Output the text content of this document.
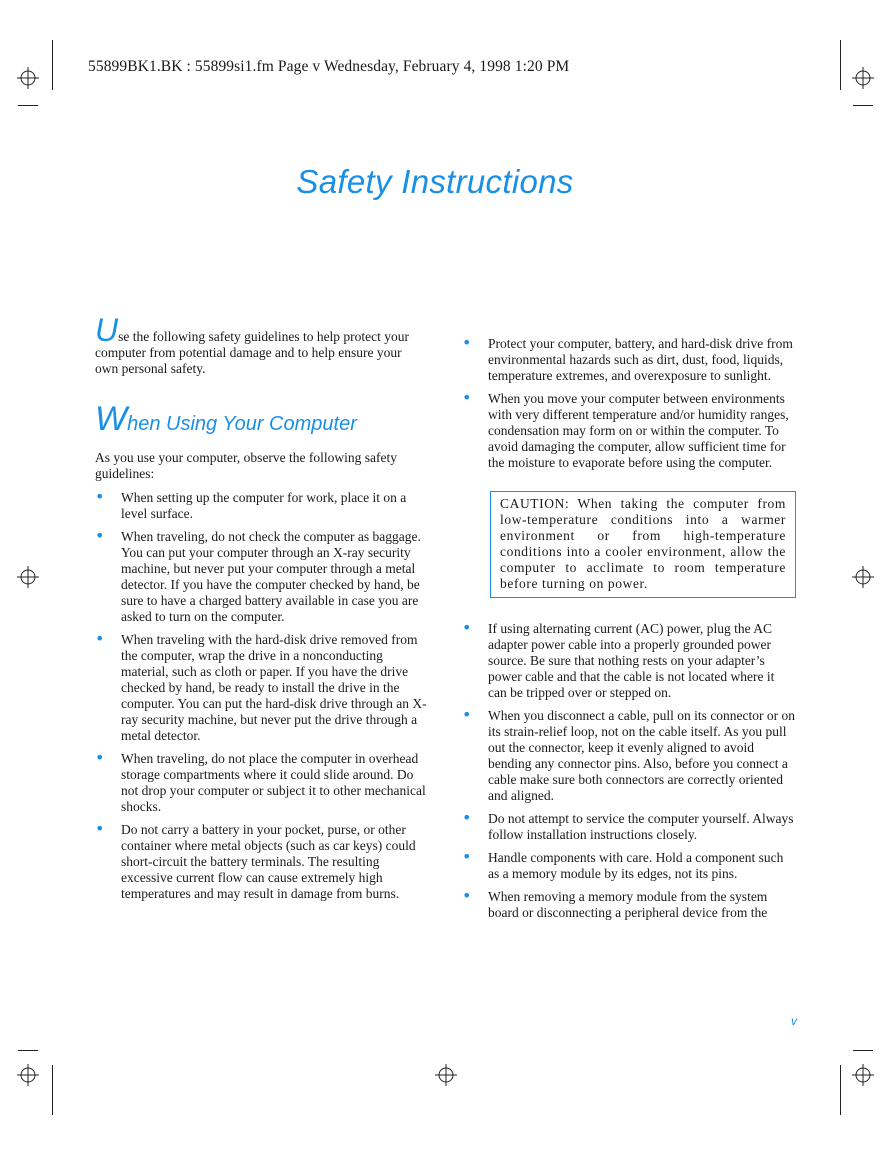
55899BK1.BK : 55899si1.fm Page v Wednesday, February 4, 1998 1:20 PM
Safety Instructions

Use the following safety guidelines to help protect your computer from potential damage and to help ensure your own personal safety.

When Using Your Computer

As you use your computer, observe the following safety guidelines:

• When setting up the computer for work, place it on a level surface.
• When traveling, do not check the computer as baggage. You can put your computer through an X-ray security machine, but never put your computer through a metal detector. If you have the computer checked by hand, be sure to have a charged battery available in case you are asked to turn on the computer.
• When traveling with the hard-disk drive removed from the computer, wrap the drive in a nonconducting material, such as cloth or paper. If you have the drive checked by hand, be ready to install the drive in the computer. You can put the hard-disk drive through an X-ray security machine, but never put the drive through a metal detector.
• When traveling, do not place the computer in overhead storage compartments where it could slide around. Do not drop your computer or subject it to other mechanical shocks.
• Do not carry a battery in your pocket, purse, or other container where metal objects (such as car keys) could short-circuit the battery terminals. The resulting excessive current flow can cause extremely high temperatures and may result in damage from burns.
• Protect your computer, battery, and hard-disk drive from environmental hazards such as dirt, dust, food, liquids, temperature extremes, and overexposure to sunlight.
• When you move your computer between environments with very different temperature and/or humidity ranges, condensation may form on or within the computer. To avoid damaging the computer, allow sufficient time for the moisture to evaporate before using the computer.
CAUTION: When taking the computer from low-temperature conditions into a warmer environment or from high-temperature conditions into a cooler environment, allow the computer to acclimate to room temperature before turning on power.
• If using alternating current (AC) power, plug the AC adapter power cable into a properly grounded power source. Be sure that nothing rests on your adapter’s power cable and that the cable is not located where it can be tripped over or stepped on.
• When you disconnect a cable, pull on its connector or on its strain-relief loop, not on the cable itself. As you pull out the connector, keep it evenly aligned to avoid bending any connector pins. Also, before you connect a cable make sure both connectors are correctly oriented and aligned.
• Do not attempt to service the computer yourself. Always follow installation instructions closely.
• Handle components with care. Hold a component such as a memory module by its edges, not its pins.
• When removing a memory module from the system board or disconnecting a peripheral device from the
v
